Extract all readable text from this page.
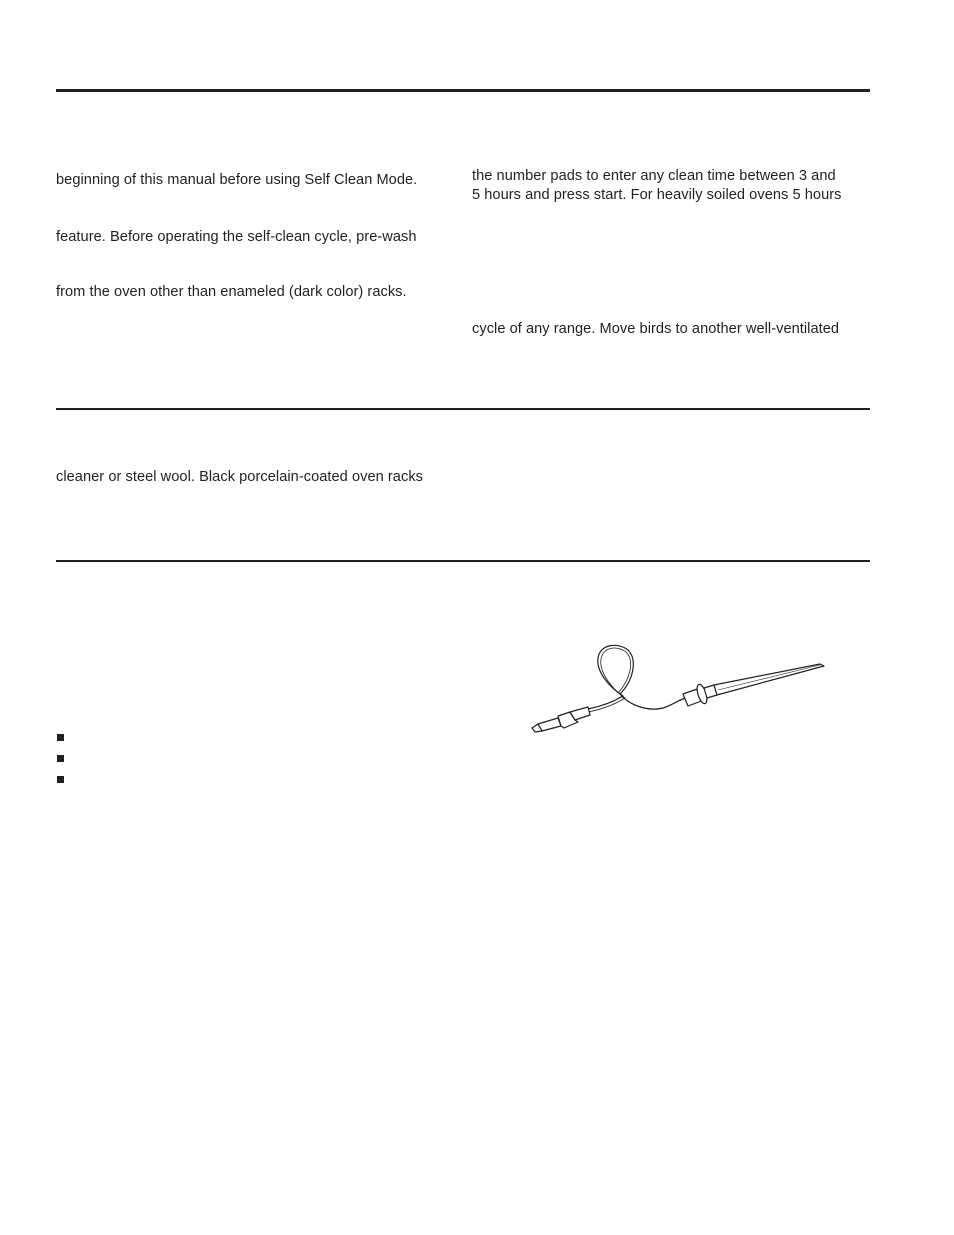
beginning of this manual before using Self Clean Mode.
feature. Before operating the self-clean cycle, pre-wash
from the oven other than enameled (dark color) racks.
the number pads to enter any clean time between 3 and
5 hours and press start. For heavily soiled ovens 5 hours
cycle of any range. Move birds to another well-ventilated
cleaner or steel wool. Black porcelain-coated oven racks
